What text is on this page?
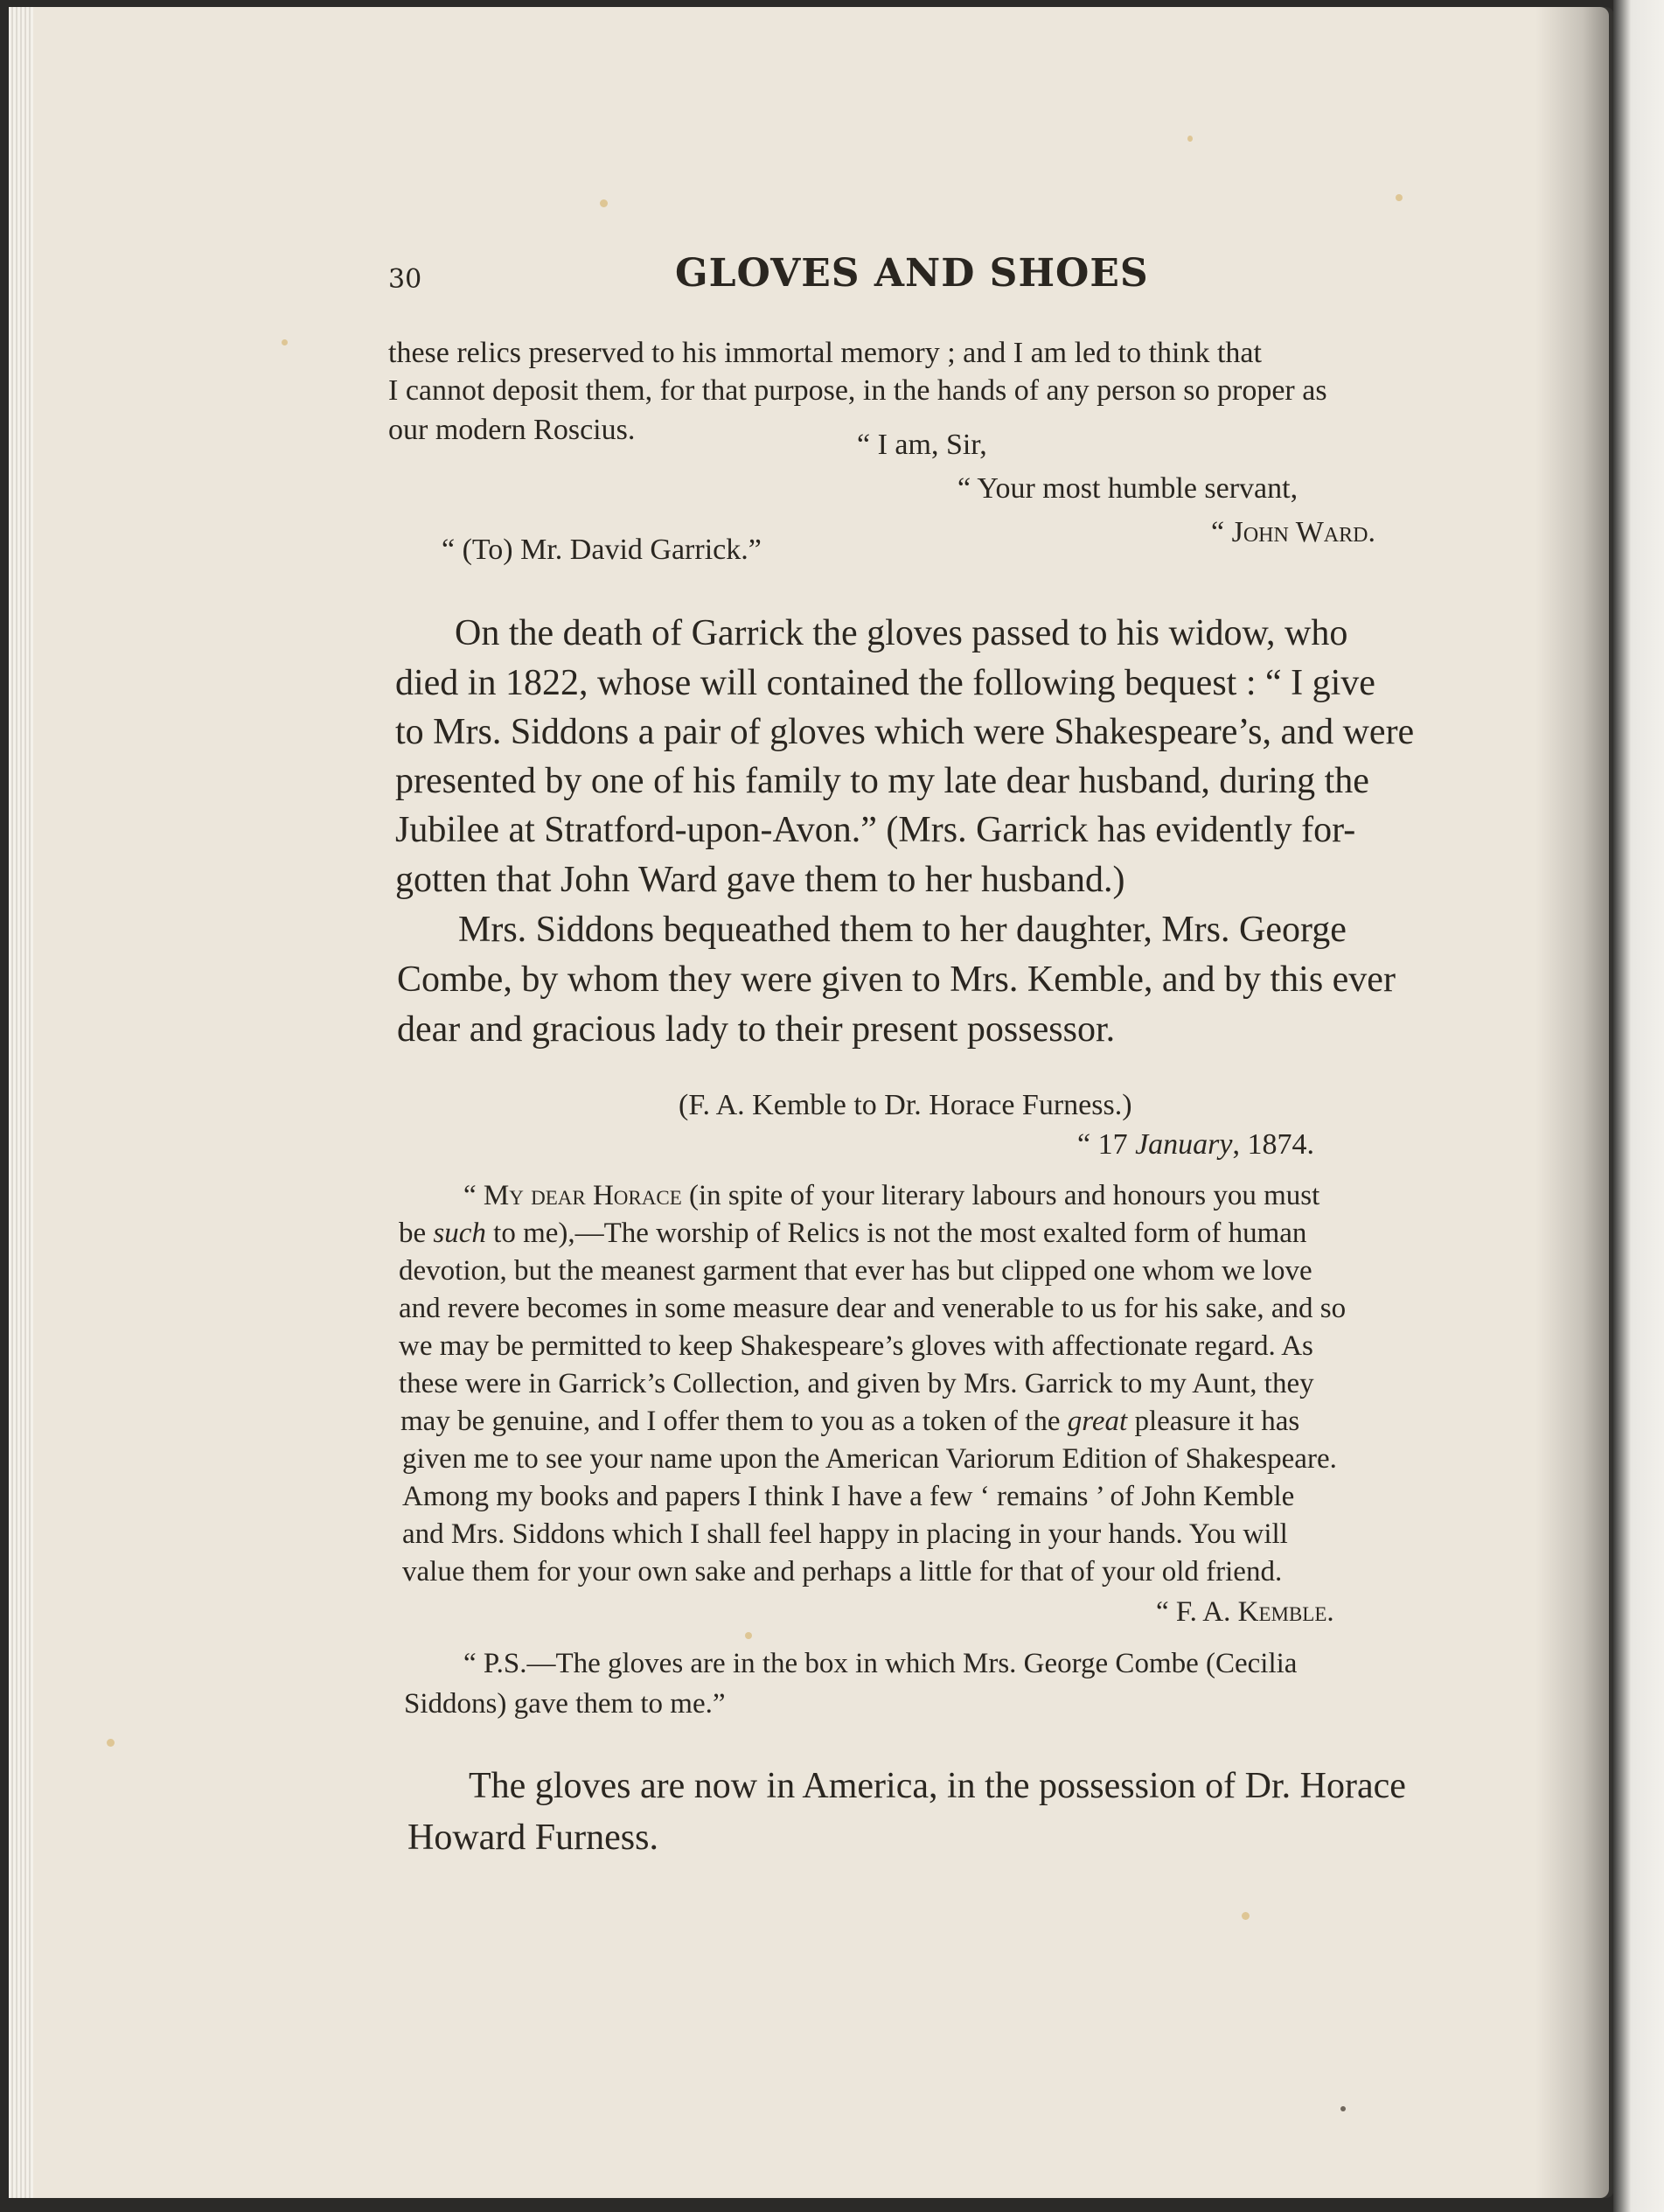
30	GLOVES AND SHOES
these relics preserved to his immortal memory ; and I am led to think that
I cannot deposit them, for that purpose, in the hands of any person so proper as
our modern Roscius.	“ I am, Sir,
“ Your most humble servant,
“ John Ward.
“ (To) Mr. David Garrick.”
On the death of Garrick the gloves passed to his widow, who
died in 1822, whose will contained the following bequest : “ I give
to Mrs. Siddons a pair of gloves which were Shakespeare’s, and were
presented by one of his family to my late dear husband, during the
Jubilee at Stratford-upon-Avon.” (Mrs. Garrick has evidently for-
gotten that John Ward gave them to her husband.)
Mrs. Siddons bequeathed them to her daughter, Mrs. George
Combe, by whom they were given to Mrs. Kemble, and by this ever
dear and gracious lady to their present possessor.
(F. A. Kemble to Dr. Horace Furness.)
“ 17 January, 1874.
“ My dear Horace (in spite of your literary labours and honours you must
be such to me),—The worship of Relics is not the most exalted form of human
devotion, but the meanest garment that ever has but clipped one whom we love
and revere becomes in some measure dear and venerable to us for his sake, and so
we may be permitted to keep Shakespeare’s gloves with affectionate regard. As
these were in Garrick’s Collection, and given by Mrs. Garrick to my Aunt, they
may be genuine, and I offer them to you as a token of the great pleasure it has
given me to see your name upon the American Variorum Edition of Shakespeare.
Among my books and papers I think I have a few ‘ remains ’ of John Kemble
and Mrs. Siddons which I shall feel happy in placing in your hands. You will
value them for your own sake and perhaps a little for that of your old friend.
“ F. A. Kemble.
“ P.S.—The gloves are in the box in which Mrs. George Combe (Cecilia
Siddons) gave them to me.”
The gloves are now in America, in the possession of Dr. Horace
Howard Furness.
